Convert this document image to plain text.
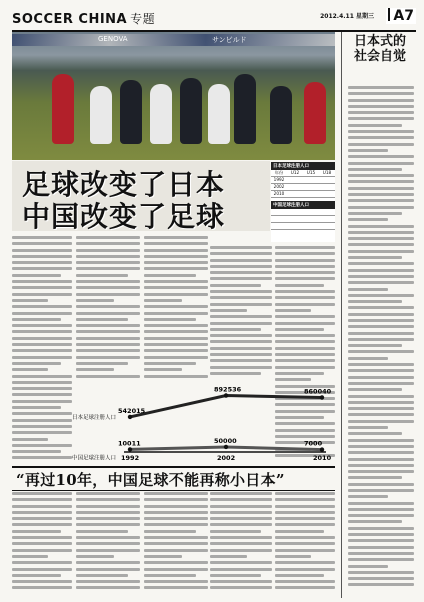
SOCCER CHINA 专题	2012.4.11 星期三	A7
GENOVA	サンビルド
足球改变了日本
中国改变了足球
日本足球注册人口
年份	U12	U15	U18
1992
2002
2010
中国足球注册人口
542015
892536	860040
日本足球注册人口
10011	50000	7000
中国足球注册人口 1992	2002	2010
“再过10年，中国足球不能再称小日本”
日本式的社会自觉
